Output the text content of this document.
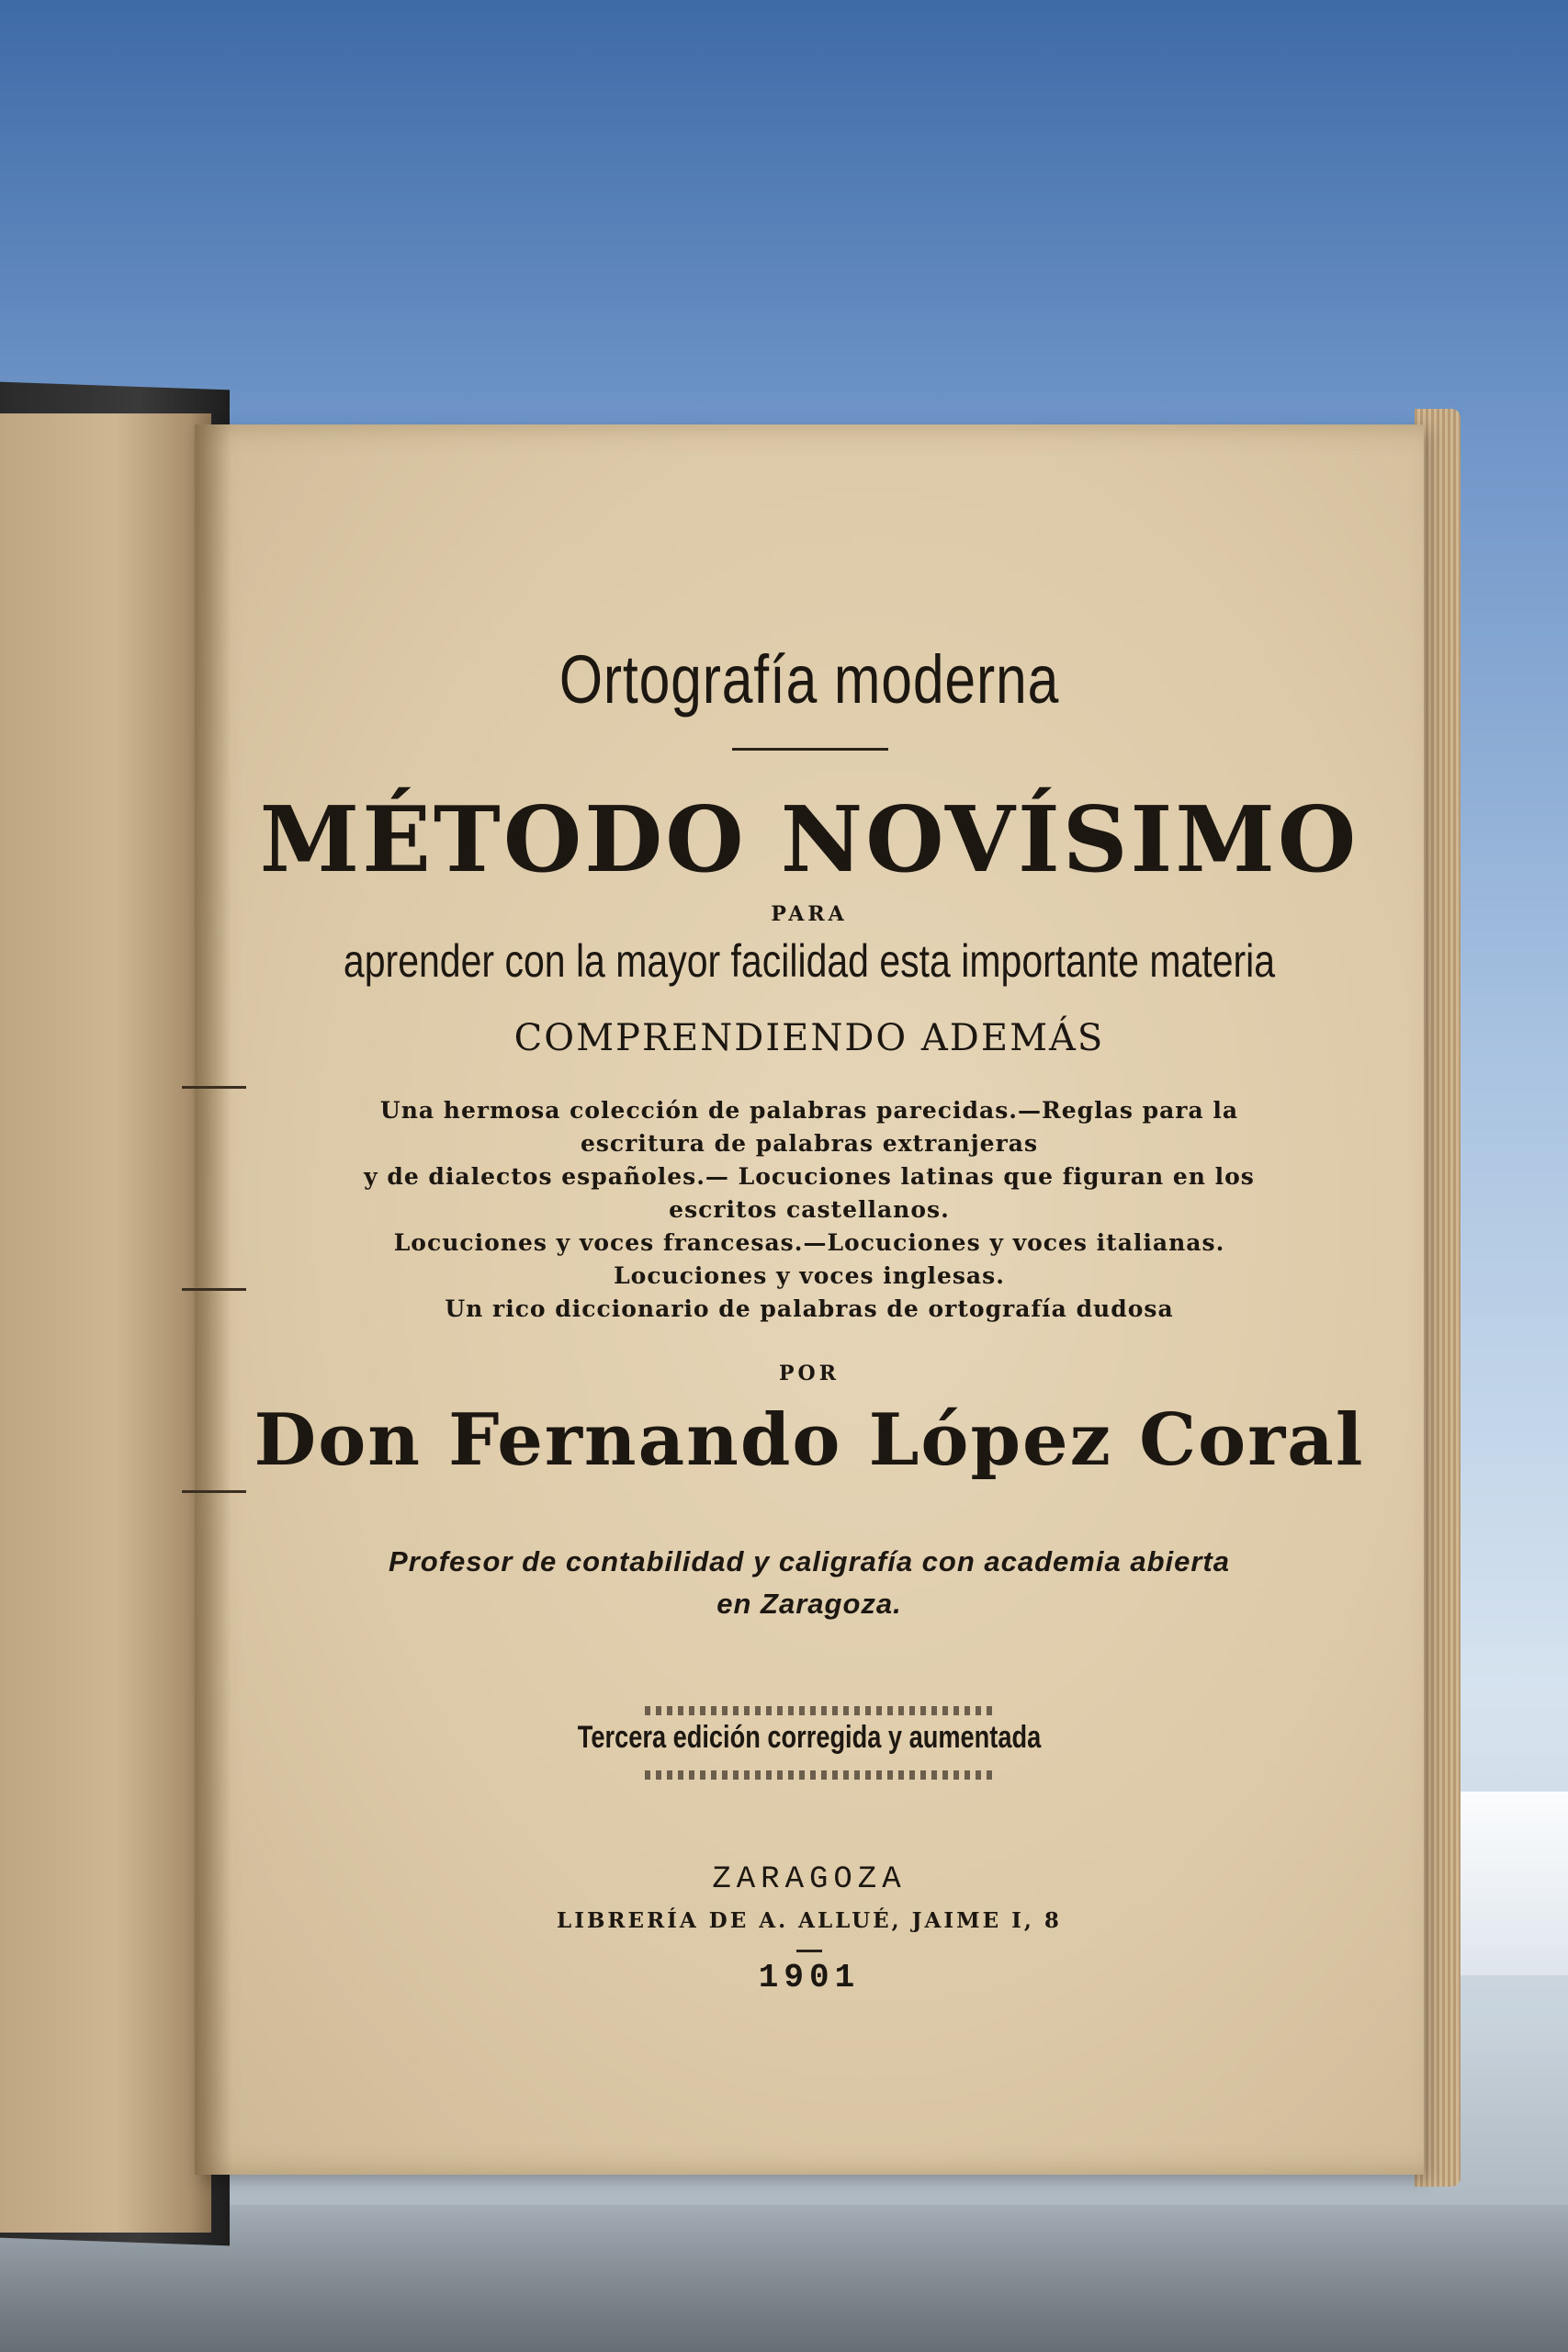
Ortografía moderna
MÉTODO NOVÍSIMO
PARA
aprender con la mayor facilidad esta importante materia
COMPRENDIENDO ADEMÁS
Una hermosa colección de palabras parecidas.—Reglas para la
escritura de palabras extranjeras
y de dialectos españoles.— Locuciones latinas que figuran en los
escritos castellanos.
Locuciones y voces francesas.—Locuciones y voces italianas.
Locuciones y voces inglesas.
Un rico diccionario de palabras de ortografía dudosa
POR
Don Fernando López Coral
Profesor de contabilidad y caligrafía con academia abierta
en Zaragoza.
Tercera edición corregida y aumentada
ZARAGOZA
LIBRERÍA DE A. ALLUÉ, JAIME I, 8
1901
